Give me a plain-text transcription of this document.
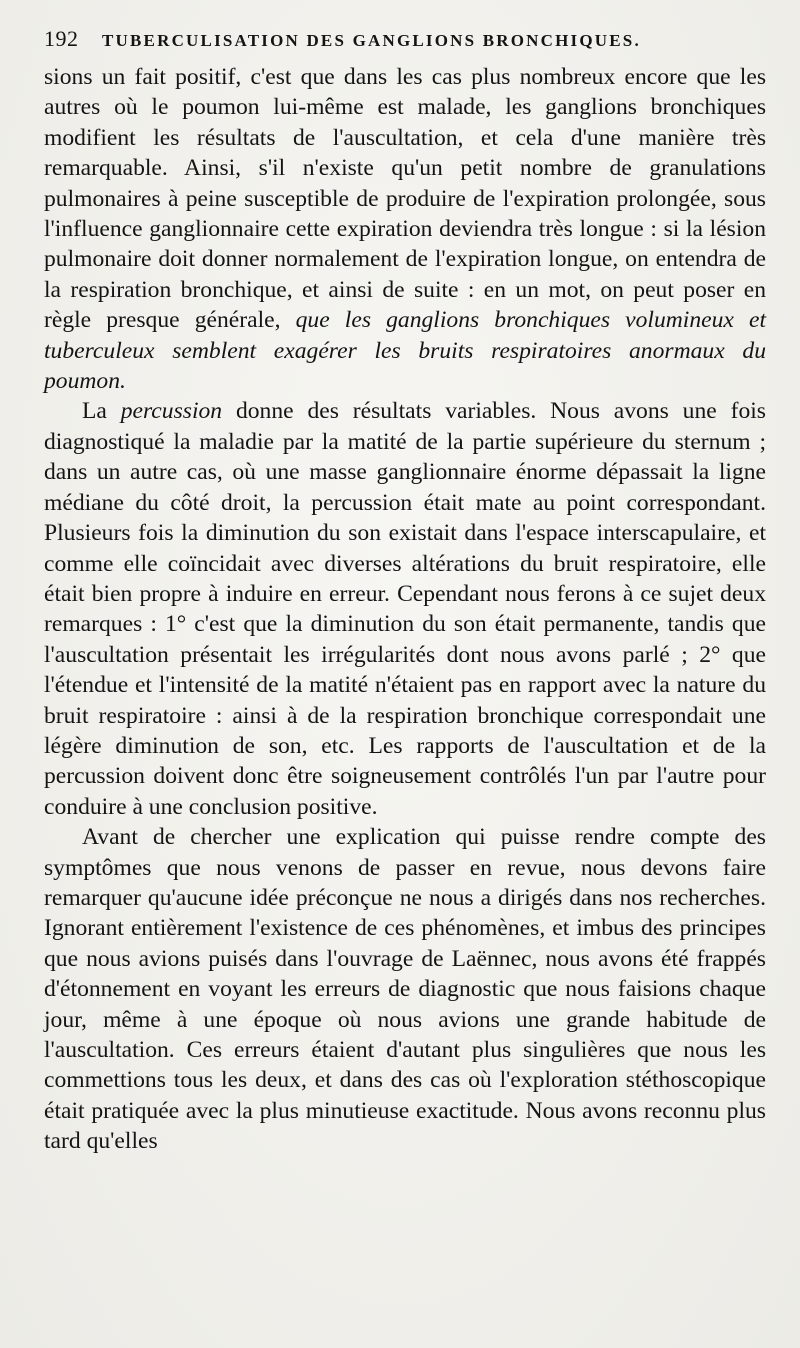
192	TUBERCULISATION DES GANGLIONS BRONCHIQUES.

sions un fait positif, c'est que dans les cas plus nombreux encore que les autres où le poumon lui-même est malade, les ganglions bronchiques modifient les résultats de l'auscultation, et cela d'une manière très remarquable. Ainsi, s'il n'existe qu'un petit nombre de granulations pulmonaires à peine susceptible de produire de l'expiration prolongée, sous l'influence ganglionnaire cette expiration deviendra très longue : si la lésion pulmonaire doit donner normalement de l'expiration longue, on entendra de la respiration bronchique, et ainsi de suite : en un mot, on peut poser en règle presque générale, que les ganglions bronchiques volumineux et tuberculeux semblent exagérer les bruits respiratoires anormaux du poumon.

La percussion donne des résultats variables. Nous avons une fois diagnostiqué la maladie par la matité de la partie supérieure du sternum ; dans un autre cas, où une masse ganglionnaire énorme dépassait la ligne médiane du côté droit, la percussion était mate au point correspondant. Plusieurs fois la diminution du son existait dans l'espace interscapulaire, et comme elle coïncidait avec diverses altérations du bruit respiratoire, elle était bien propre à induire en erreur. Cependant nous ferons à ce sujet deux remarques : 1° c'est que la diminution du son était permanente, tandis que l'auscultation présentait les irrégularités dont nous avons parlé ; 2° que l'étendue et l'intensité de la matité n'étaient pas en rapport avec la nature du bruit respiratoire : ainsi à de la respiration bronchique correspondait une légère diminution de son, etc. Les rapports de l'auscultation et de la percussion doivent donc être soigneusement contrôlés l'un par l'autre pour conduire à une conclusion positive.

Avant de chercher une explication qui puisse rendre compte des symptômes que nous venons de passer en revue, nous devons faire remarquer qu'aucune idée préconçue ne nous a dirigés dans nos recherches. Ignorant entièrement l'existence de ces phénomènes, et imbus des principes que nous avions puisés dans l'ouvrage de Laënnec, nous avons été frappés d'étonnement en voyant les erreurs de diagnostic que nous faisions chaque jour, même à une époque où nous avions une grande habitude de l'auscultation. Ces erreurs étaient d'autant plus singulières que nous les commettions tous les deux, et dans des cas où l'exploration stéthoscopique était pratiquée avec la plus minutieuse exactitude. Nous avons reconnu plus tard qu'elles
